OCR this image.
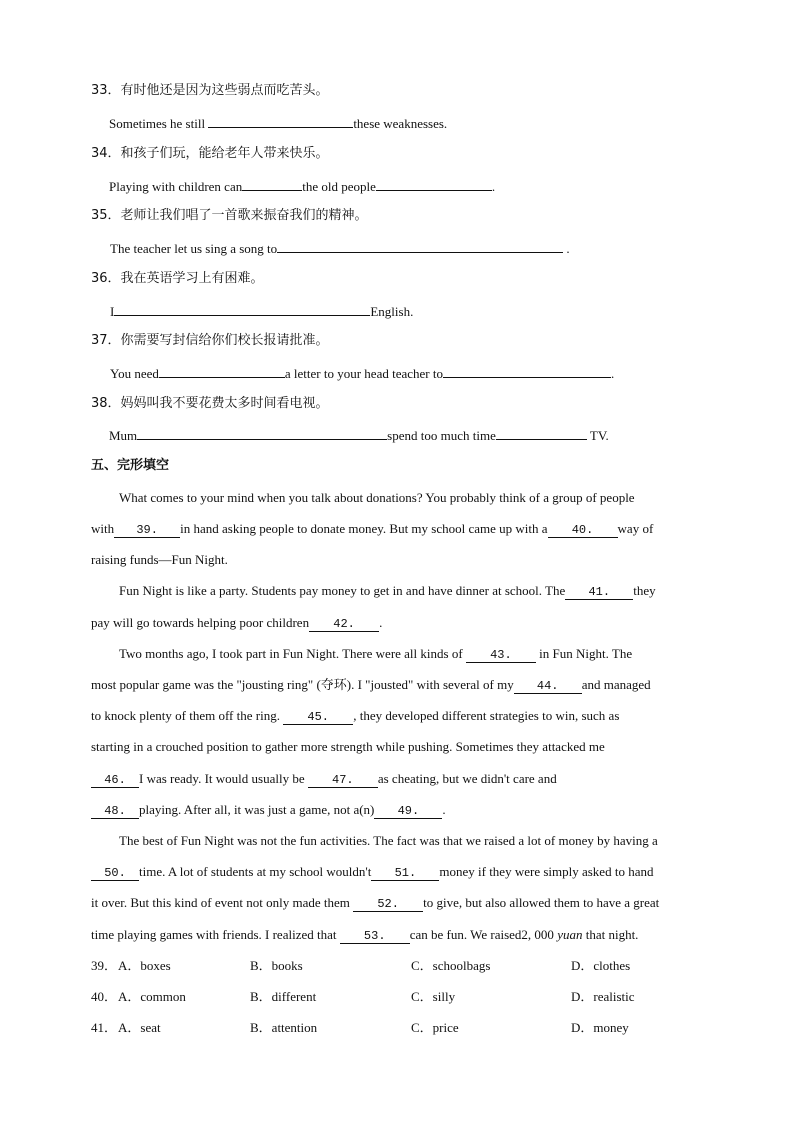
33．有时他还是因为这些弱点而吃苦头。
Sometimes he still	these weaknesses.
34．和孩子们玩，能给老年人带来快乐。
Playing with children can	the old people	.
35．老师让我们唱了一首歌来振奋我们的精神。
The teacher let us sing a song to	.
36．我在英语学习上有困难。
I	English.
37．你需要写封信给你们校长报请批准。
You need	a letter to your head teacher to	.
38．妈妈叫我不要花费太多时间看电视。
Mum	spend too much time	TV.
五、完形填空
What comes to your mind when you talk about donations? You probably think of a group of people
with 39. in hand asking people to donate money. But my school came up with a 40. way of
raising funds—Fun Night.
Fun Night is like a party. Students pay money to get in and have dinner at school. The 41. they
pay will go towards helping poor children 42. .
Two months ago, I took part in Fun Night. There were all kinds of 43. in Fun Night. The
most popular game was the "jousting ring" (夺环). I "jousted" with several of my 44. and managed
to knock plenty of them off the ring. 45. , they developed different strategies to win, such as
starting in a crouched position to gather more strength while pushing. Sometimes they attacked me
46. I was ready. It would usually be 47. as cheating, but we didn't care and
48. playing. After all, it was just a game, not a(n) 49. .
The best of Fun Night was not the fun activities. The fact was that we raised a lot of money by having a
50. time. A lot of students at my school wouldn't 51. money if they were simply asked to hand
it over. But this kind of event not only made them 52. to give, but also allowed them to have a great
time playing games with friends. I realized that 53. can be fun. We raised2, 000 yuan that night.
39． A．boxes	B．books	C．schoolbags	D．clothes
40． A．common	B．different	C．silly	D．realistic
41． A．seat	B．attention	C．price	D．money
